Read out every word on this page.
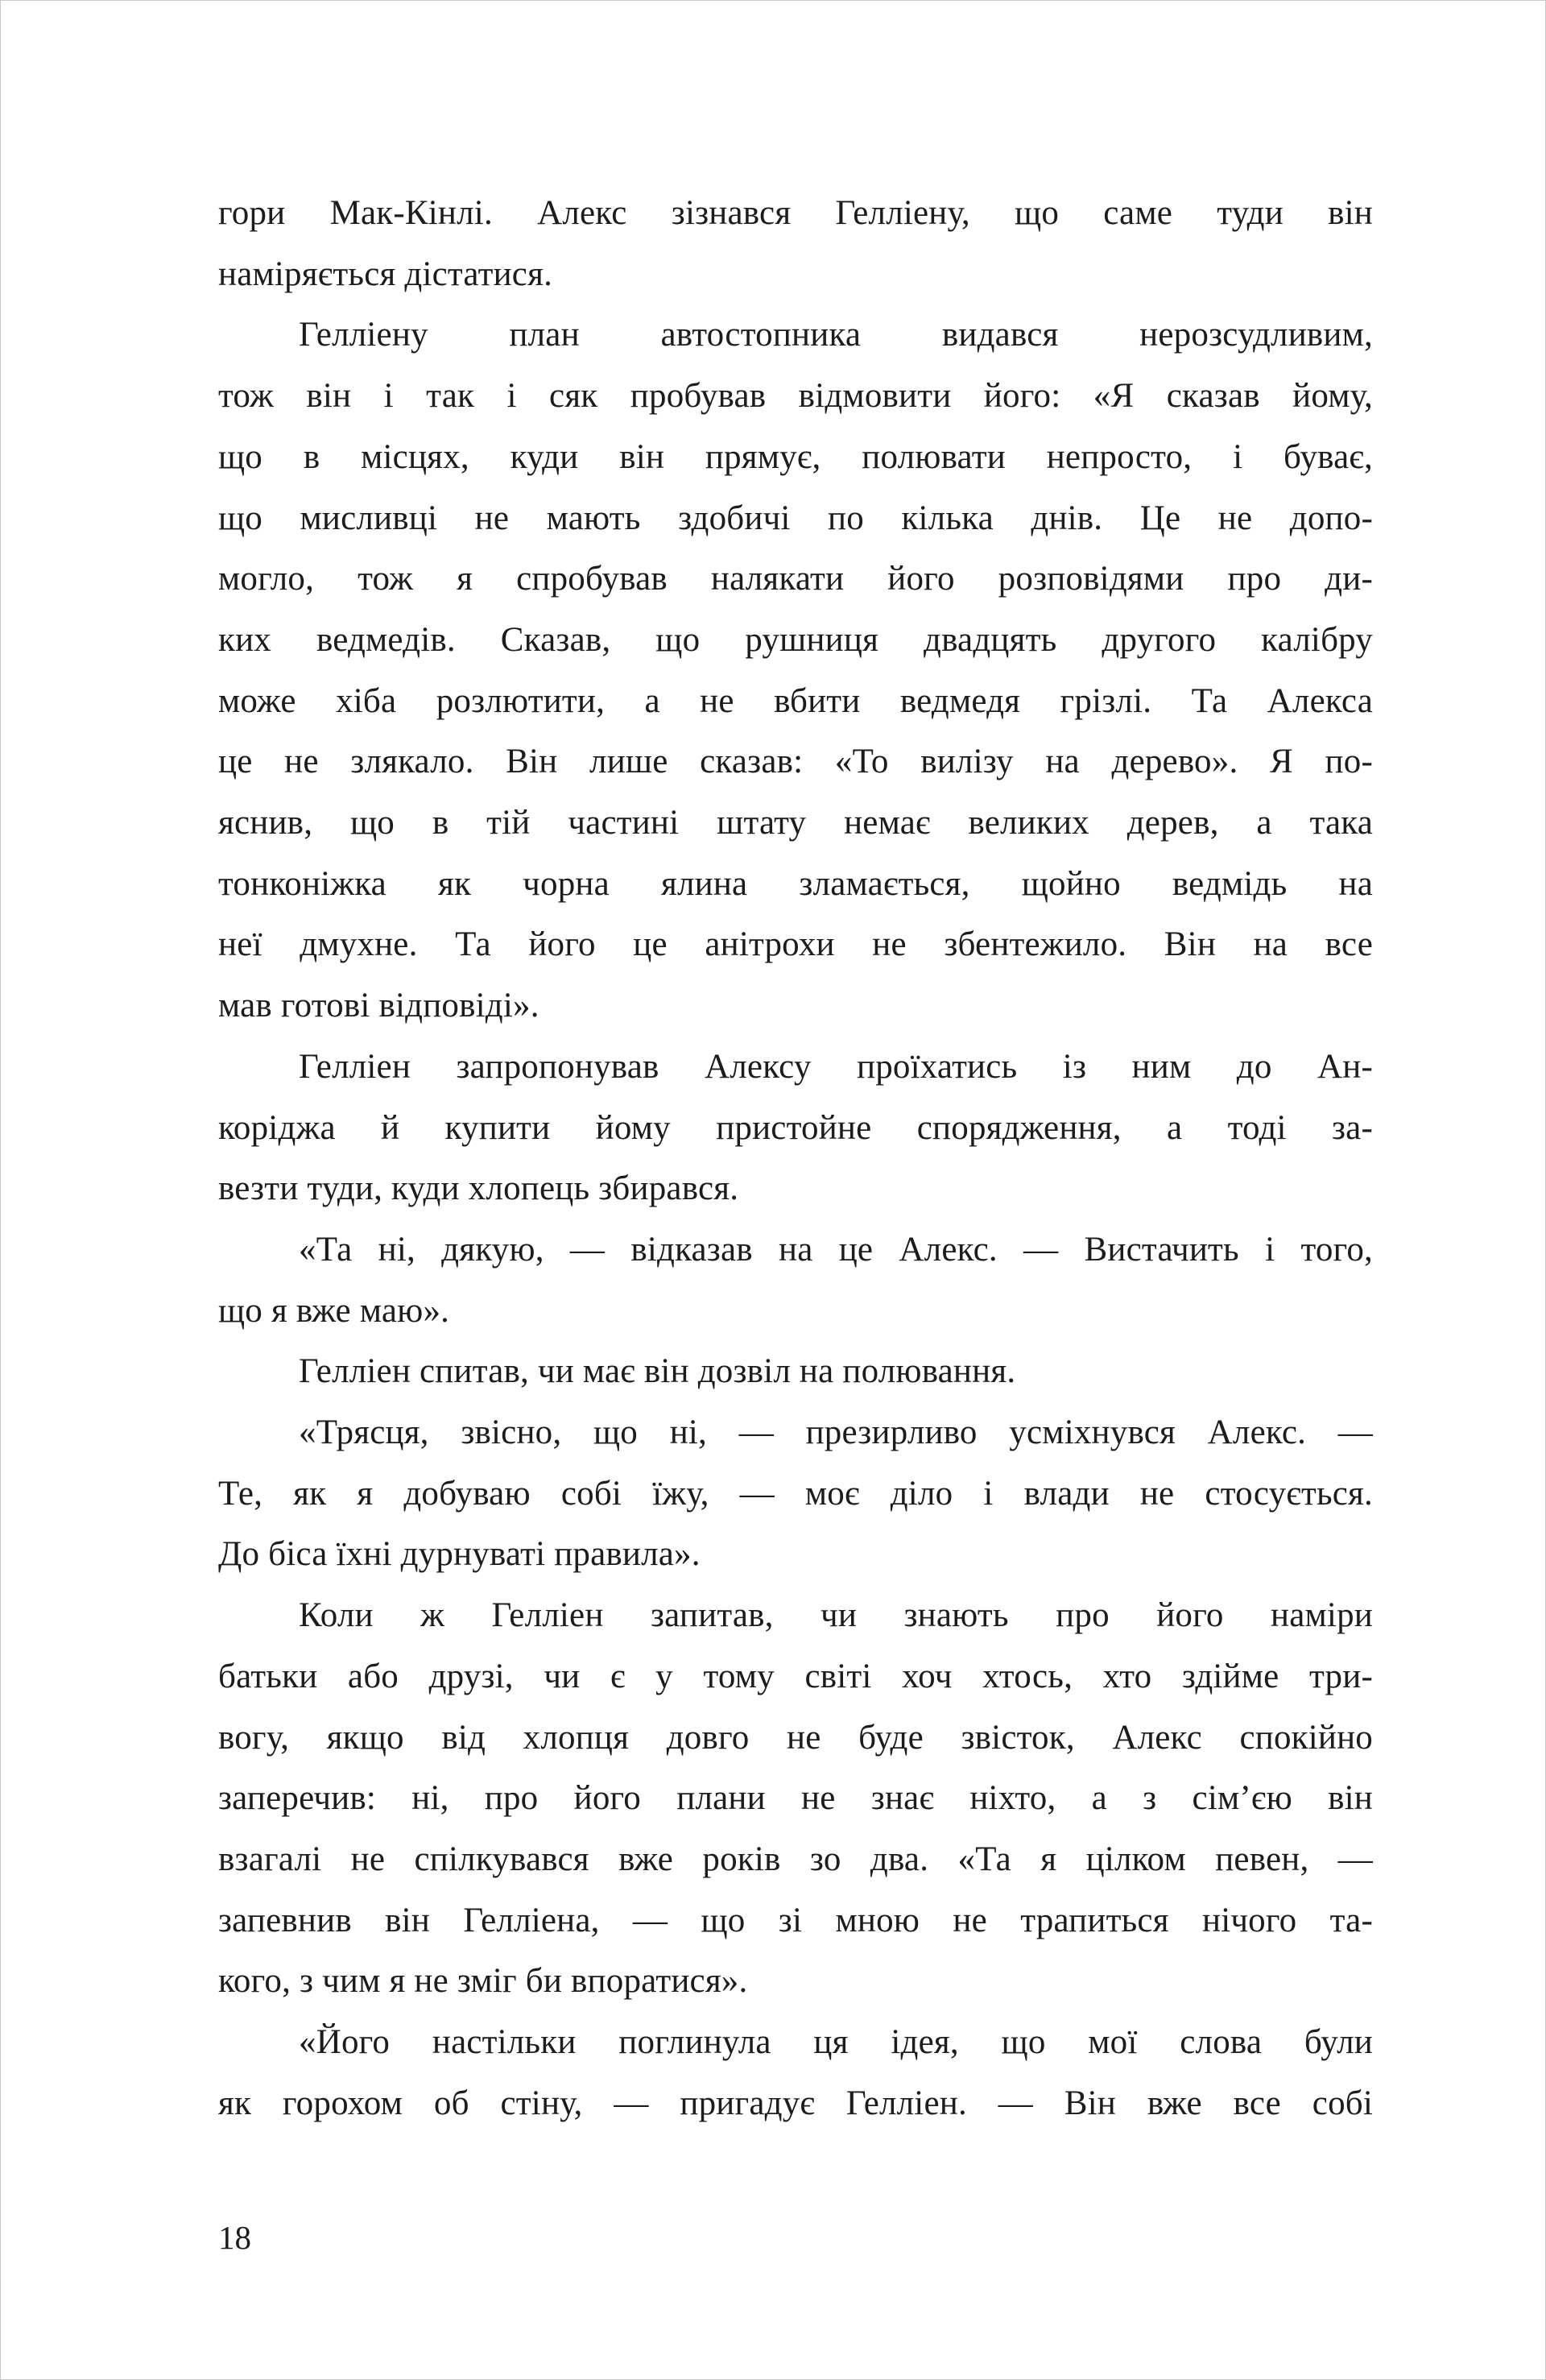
гори Мак-Кінлі. Алекс зізнався Гелліену, що саме туди він
наміряється дістатися.
Гелліену план автостопника видався нерозсудливим,
тож він і так і сяк пробував відмовити його: «Я сказав йому,
що в місцях, куди він прямує, полювати непросто, і буває,
що мисливці не мають здобичі по кілька днів. Це не допо-
могло, тож я спробував налякати його розповідями про ди-
ких ведмедів. Сказав, що рушниця двадцять другого калібру
може хіба розлютити, а не вбити ведмедя грізлі. Та Алекса
це не злякало. Він лише сказав: «То вилізу на дерево». Я по-
яснив, що в тій частині штату немає великих дерев, а така
тонконіжка як чорна ялина зламається, щойно ведмідь на
неї дмухне. Та його це анітрохи не збентежило. Він на все
мав готові відповіді».
Гелліен запропонував Алексу проїхатись із ним до Ан-
коріджа й купити йому пристойне спорядження, а тоді за-
везти туди, куди хлопець збирався.
«Та ні, дякую, — відказав на це Алекс. — Вистачить і того,
що я вже маю».
Гелліен спитав, чи має він дозвіл на полювання.
«Трясця, звісно, що ні, — презирливо усміхнувся Алекс. —
Те, як я добуваю собі їжу, — моє діло і влади не стосується.
До біса їхні дурнуваті правила».
Коли ж Гелліен запитав, чи знають про його наміри
батьки або друзі, чи є у тому світі хоч хтось, хто здійме три-
вогу, якщо від хлопця довго не буде звісток, Алекс спокійно
заперечив: ні, про його плани не знає ніхто, а з сім’єю він
взагалі не спілкувався вже років зо два. «Та я цілком певен, —
запевнив він Гелліена, — що зі мною не трапиться нічого та-
кого, з чим я не зміг би впоратися».
«Його настільки поглинула ця ідея, що мої слова були
як горохом об стіну, — пригадує Гелліен. — Він вже все собі
18
